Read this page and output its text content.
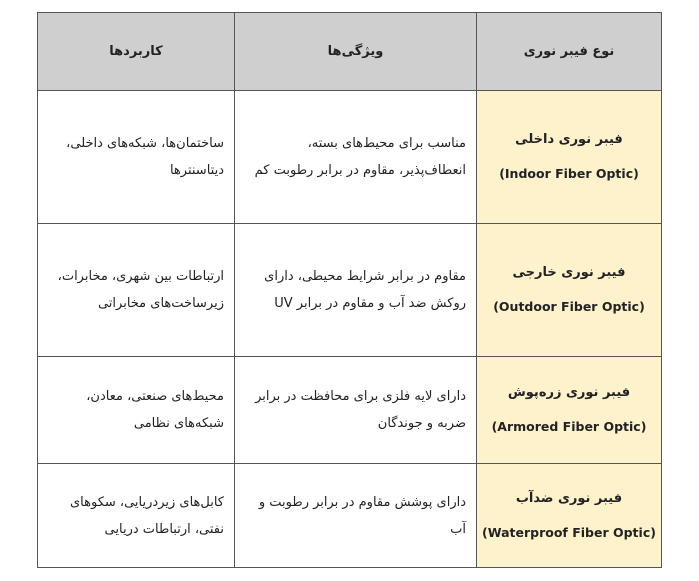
نوع فیبر نوری	ویژگی‌ها	کاربردها

فیبر نوری داخلی
(Indoor Fiber Optic)	مناسب برای محیط‌های بسته، انعطاف‌پذیر، مقاوم در برابر رطوبت کم	ساختمان‌ها، شبکه‌های داخلی، دیتاسنترها

فیبر نوری خارجی
(Outdoor Fiber Optic)	مقاوم در برابر شرایط محیطی، دارای روکش ضد آب و مقاوم در برابر UV	ارتباطات بین شهری، مخابرات، زیرساخت‌های مخابراتی

فیبر نوری زره‌پوش
(Armored Fiber Optic)	دارای لایه فلزی برای محافظت در برابر ضربه و جوندگان	محیط‌های صنعتی، معادن، شبکه‌های نظامی

فیبر نوری ضدآب
(Waterproof Fiber Optic)	دارای پوشش مقاوم در برابر رطوبت و آب	کابل‌های زیردریایی، سکوهای نفتی، ارتباطات دریایی
